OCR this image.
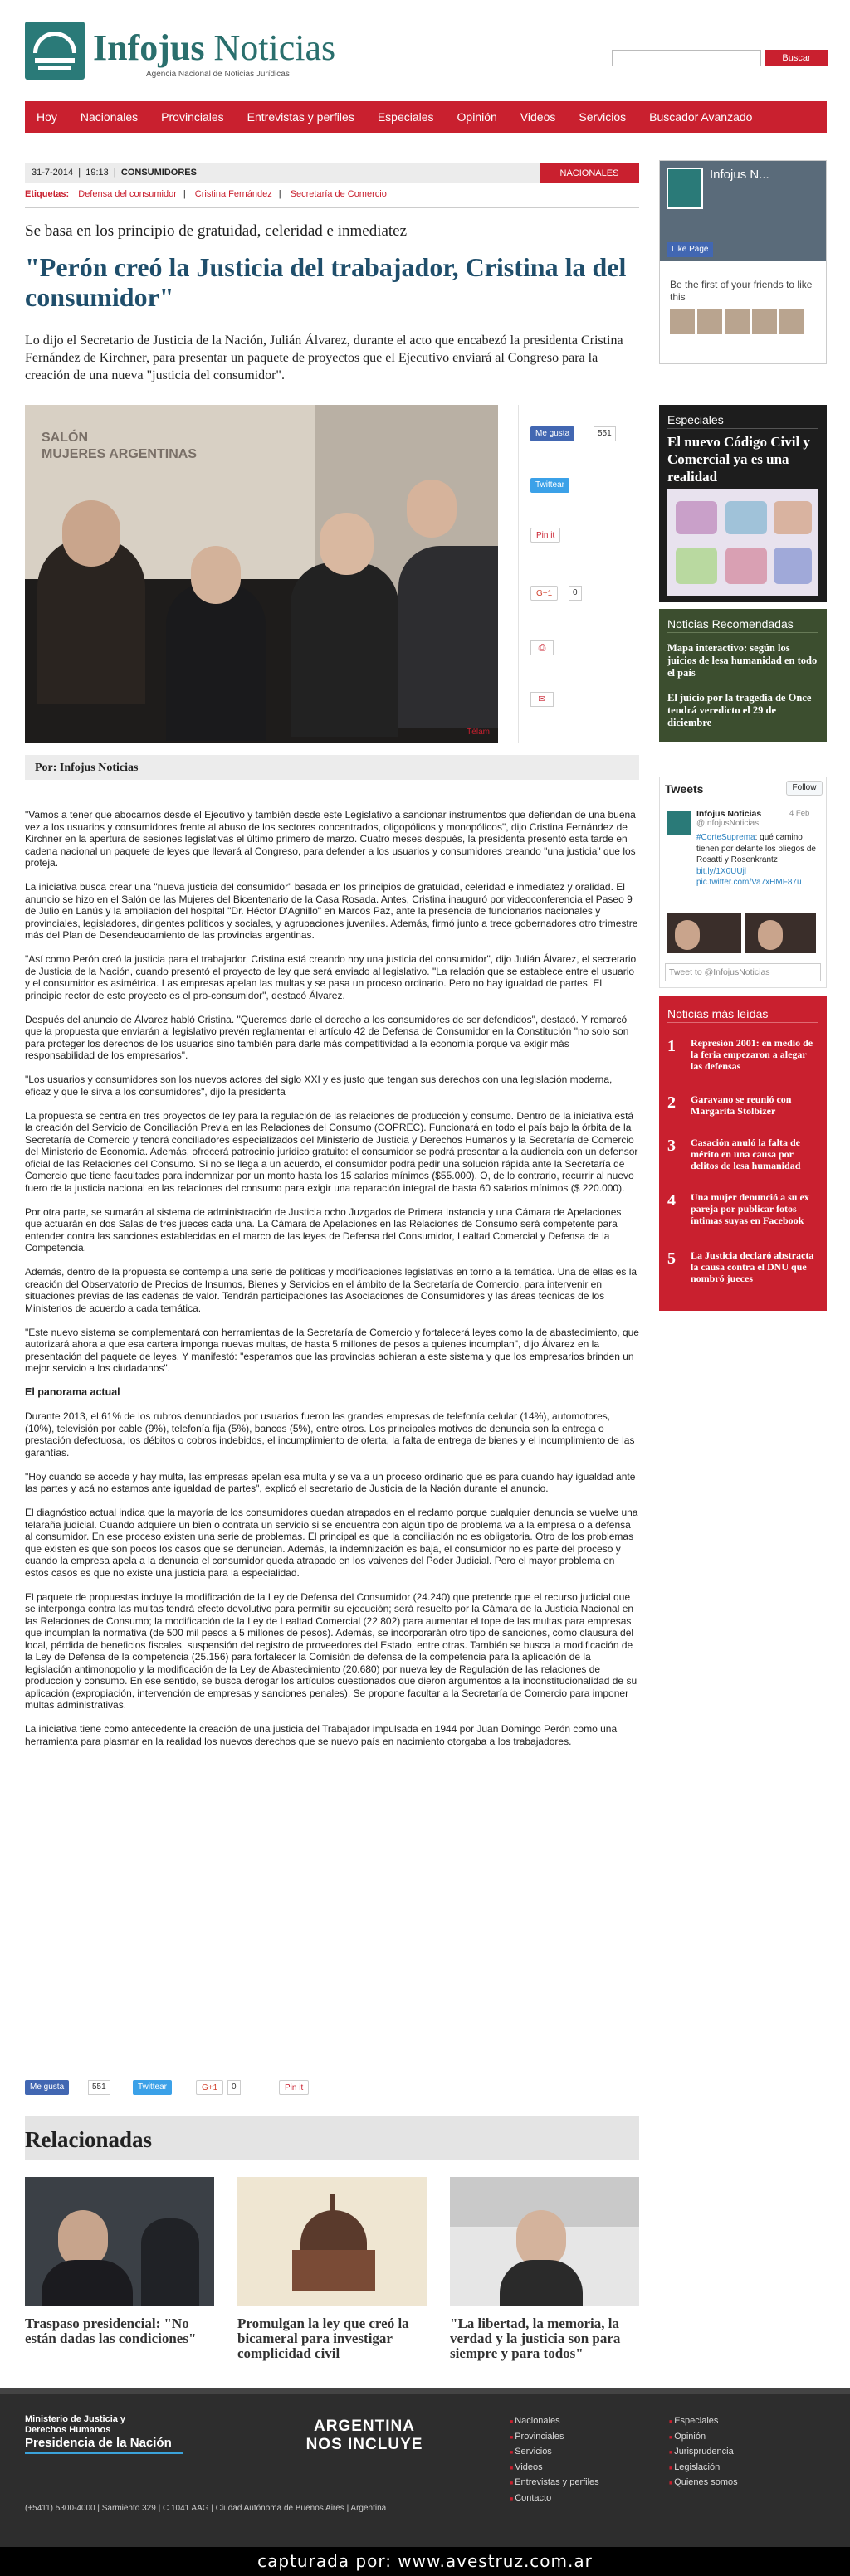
Infojus Noticias
Agencia Nacional de Noticias Jurídicas
Buscar
Hoy	Nacionales	Provinciales	Entrevistas y perfiles	Especiales	Opinión	Videos	Servicios	Buscador Avanzado
31-7-2014  |  19:13  |  CONSUMIDORES	NACIONALES
Etiquetas: Defensa del consumidor | Cristina Fernández | Secretaría de Comercio
Se basa en los principio de gratuidad, celeridad e inmediatez
"Perón creó la Justicia del trabajador, Cristina la del consumidor"
Lo dijo el Secretario de Justicia de la Nación, Julián Álvarez, durante el acto que encabezó la presidenta Cristina Fernández de Kirchner, para presentar un paquete de proyectos que el Ejecutivo enviará al Congreso para la creación de una nueva "justicia del consumidor".
SALÓN
MUJERES ARGENTINAS
Télam
Me gusta	551
Twittear
Pin it
G+1	0
⎙
✉
Por: Infojus Noticias

"Vamos a tener que abocarnos desde el Ejecutivo y también desde este Legislativo a sancionar instrumentos que defiendan de una buena vez a los usuarios y consumidores frente al abuso de los sectores concentrados, oligopólicos y monopólicos", dijo Cristina Fernández de Kirchner en la apertura de sesiones legislativas el último primero de marzo. Cuatro meses después, la presidenta presentó esta tarde en cadena nacional un paquete de leyes que llevará al Congreso, para defender a los usuarios y consumidores creando "una justicia" que los proteja.

La iniciativa busca crear una "nueva justicia del consumidor" basada en los principios de gratuidad, celeridad e inmediatez y oralidad. El anuncio se hizo en el Salón de las Mujeres del Bicentenario de la Casa Rosada. Antes, Cristina inauguró por videoconferencia el Paseo 9 de Julio en Lanús y la ampliación del hospital "Dr. Héctor D'Agnillo" en Marcos Paz, ante la presencia de funcionarios nacionales y provinciales, legisladores, dirigentes políticos y sociales, y agrupaciones juveniles. Además, firmó junto a trece gobernadores otro trimestre más del Plan de Desendeudamiento de las provincias argentinas.

"Así como Perón creó la justicia para el trabajador, Cristina está creando hoy una justicia del consumidor", dijo Julián Álvarez, el secretario de Justicia de la Nación, cuando presentó el proyecto de ley que será enviado al legislativo. "La relación que se establece entre el usuario y el consumidor es asimétrica. Las empresas apelan las multas y se pasa un proceso ordinario. Pero no hay igualdad de partes. El principio rector de este proyecto es el pro-consumidor", destacó Álvarez.

Después del anuncio de Álvarez habló Cristina. "Queremos darle el derecho a los consumidores de ser defendidos", destacó. Y remarcó que la propuesta que enviarán al legislativo prevén reglamentar el artículo 42 de Defensa de Consumidor en la Constitución "no solo son para proteger los derechos de los usuarios sino también para darle más competitividad a la economía porque va exigir más responsabilidad de los empresarios".

"Los usuarios y consumidores son los nuevos actores del siglo XXI y es justo que tengan sus derechos con una legislación moderna, eficaz y que le sirva a los consumidores", dijo la presidenta

La propuesta se centra en tres proyectos de ley para la regulación de las relaciones de producción y consumo. Dentro de la iniciativa está la creación del Servicio de Conciliación Previa en las Relaciones del Consumo (COPREC). Funcionará en todo el país bajo la órbita de la Secretaría de Comercio y tendrá conciliadores especializados del Ministerio de Justicia y Derechos Humanos y la Secretaría de Comercio del Ministerio de Economía. Además, ofrecerá patrocinio jurídico gratuito: el consumidor se podrá presentar a la audiencia con un defensor oficial de las Relaciones del Consumo. Si no se llega a un acuerdo, el consumidor podrá pedir una solución rápida ante la Secretaría de Comercio que tiene facultades para indemnizar por un monto hasta los 15 salarios mínimos ($55.000). O, de lo contrario, recurrir al nuevo fuero de la justicia nacional en las relaciones del consumo para exigir una reparación integral de hasta 60 salarios mínimos ($ 220.000).

Por otra parte, se sumarán al sistema de administración de Justicia ocho Juzgados de Primera Instancia y una Cámara de Apelaciones que actuarán en dos Salas de tres jueces cada una. La Cámara de Apelaciones en las Relaciones de Consumo será competente para entender contra las sanciones establecidas en el marco de las leyes de Defensa del Consumidor, Lealtad Comercial y Defensa de la Competencia.

Además, dentro de la propuesta se contempla una serie de políticas y modificaciones legislativas en torno a la temática. Una de ellas es la creación del Observatorio de Precios de Insumos, Bienes y Servicios en el ámbito de la Secretaría de Comercio, para intervenir en situaciones previas de las cadenas de valor. Tendrán participaciones las Asociaciones de Consumidores y las áreas técnicas de los Ministerios de acuerdo a cada temática.

"Este nuevo sistema se complementará con herramientas de la Secretaría de Comercio y fortalecerá leyes como la de abastecimiento, que autorizará ahora a que esa cartera imponga nuevas multas, de hasta 5 millones de pesos a quienes incumplan", dijo Álvarez en la presentación del paquete de leyes. Y manifestó: "esperamos que las provincias adhieran a este sistema y que los empresarios brinden un mejor servicio a los ciudadanos".

El panorama actual

Durante 2013, el 61% de los rubros denunciados por usuarios fueron las grandes empresas de telefonía celular (14%), automotores, (10%), televisión por cable (9%), telefonía fija (5%), bancos (5%), entre otros. Los principales motivos de denuncia son la entrega o prestación defectuosa, los débitos o cobros indebidos, el incumplimiento de oferta, la falta de entrega de bienes y el incumplimiento de las garantías.

"Hoy cuando se accede y hay multa, las empresas apelan esa multa y se va a un proceso ordinario que es para cuando hay igualdad ante las partes y acá no estamos ante igualdad de partes", explicó el secretario de Justicia de la Nación durante el anuncio.

El diagnóstico actual indica que la mayoría de los consumidores quedan atrapados en el reclamo porque cualquier denuncia se vuelve una telaraña judicial. Cuando adquiere un bien o contrata un servicio si se encuentra con algún tipo de problema va a la empresa o a defensa al consumidor. En ese proceso existen una serie de problemas. El principal es que la conciliación no es obligatoria. Otro de los problemas que existen es que son pocos los casos que se denuncian. Además, la indemnización es baja, el consumidor no es parte del proceso y cuando la empresa apela a la denuncia el consumidor queda atrapado en los vaivenes del Poder Judicial. Pero el mayor problema en estos casos es que no existe una justicia para la especialidad.

El paquete de propuestas incluye la modificación de la Ley de Defensa del Consumidor (24.240) que pretende que el recurso judicial que se interponga contra las multas tendrá efecto devolutivo para permitir su ejecución; será resuelto por la Cámara de la Justicia Nacional en las Relaciones de Consumo; la modificación de la Ley de Lealtad Comercial (22.802) para aumentar el tope de las multas para empresas que incumplan la normativa (de 500 mil pesos a 5 millones de pesos). Además, se incorporarán otro tipo de sanciones, como clausura del local, pérdida de beneficios fiscales, suspensión del registro de proveedores del Estado, entre otras. También se busca la modificación de la Ley de Defensa de la competencia (25.156) para fortalecer la Comisión de defensa de la competencia para la aplicación de la legislación antimonopolio y la modificación de la Ley de Abastecimiento (20.680) por nueva ley de Regulación de las relaciones de producción y consumo. En ese sentido, se busca derogar los artículos cuestionados que dieron argumentos a la inconstitucionalidad de su aplicación (expropiación, intervención de empresas y sanciones penales). Se propone facultar a la Secretaría de Comercio para imponer multas administrativas.

La iniciativa tiene como antecedente la creación de una justicia del Trabajador impulsada en 1944 por Juan Domingo Perón como una herramienta para plasmar en la realidad los nuevos derechos que se nuevo país en nacimiento otorgaba a los trabajadores.

Me gusta	551	Twittear	G+1	0	Pin it
Relacionadas
Traspaso presidencial: "No están dadas las condiciones"
Promulgan la ley que creó la bicameral para investigar complicidad civil
"La libertad, la memoria, la verdad y la justicia son para siempre y para todos"
Infojus N...
Like Page
Be the first of your friends to like this
Especiales
El nuevo Código Civil y Comercial ya es una realidad
Noticias Recomendadas
Mapa interactivo: según los juicios de lesa humanidad en todo el país
El juicio por la tragedia de Once tendrá veredicto el 29 de diciembre
Tweets	Follow
Infojus Noticias	4 Feb
@InfojusNoticias
#CorteSuprema: qué camino tienen por delante los pliegos de Rosatti y Rosenkrantz bit.ly/1X0UUjl pic.twitter.com/Va7xHMF87u
Tweet to @InfojusNoticias
Noticias más leídas
1 Represión 2001: en medio de la feria empezaron a alegar las defensas
2 Garavano se reunió con Margarita Stolbizer
3 Casación anuló la falta de mérito en una causa por delitos de lesa humanidad
4 Una mujer denunció a su ex pareja por publicar fotos íntimas suyas en Facebook
5 La Justicia declaró abstracta la causa contra el DNU que nombró jueces
Ministerio de Justicia y Derechos Humanos
Presidencia de la Nación
ARGENTINA NOS INCLUYE
(+5411) 5300-4000 | Sarmiento 329 | C 1041 AAG | Ciudad Autónoma de Buenos Aires | Argentina
■ Nacionales
■ Provinciales
■ Servicios
■ Videos
■ Entrevistas y perfiles
■ Contacto
■ Especiales
■ Opinión
■ Jurisprudencia
■ Legislación
■ Quienes somos
capturada por: www.avestruz.com.ar
